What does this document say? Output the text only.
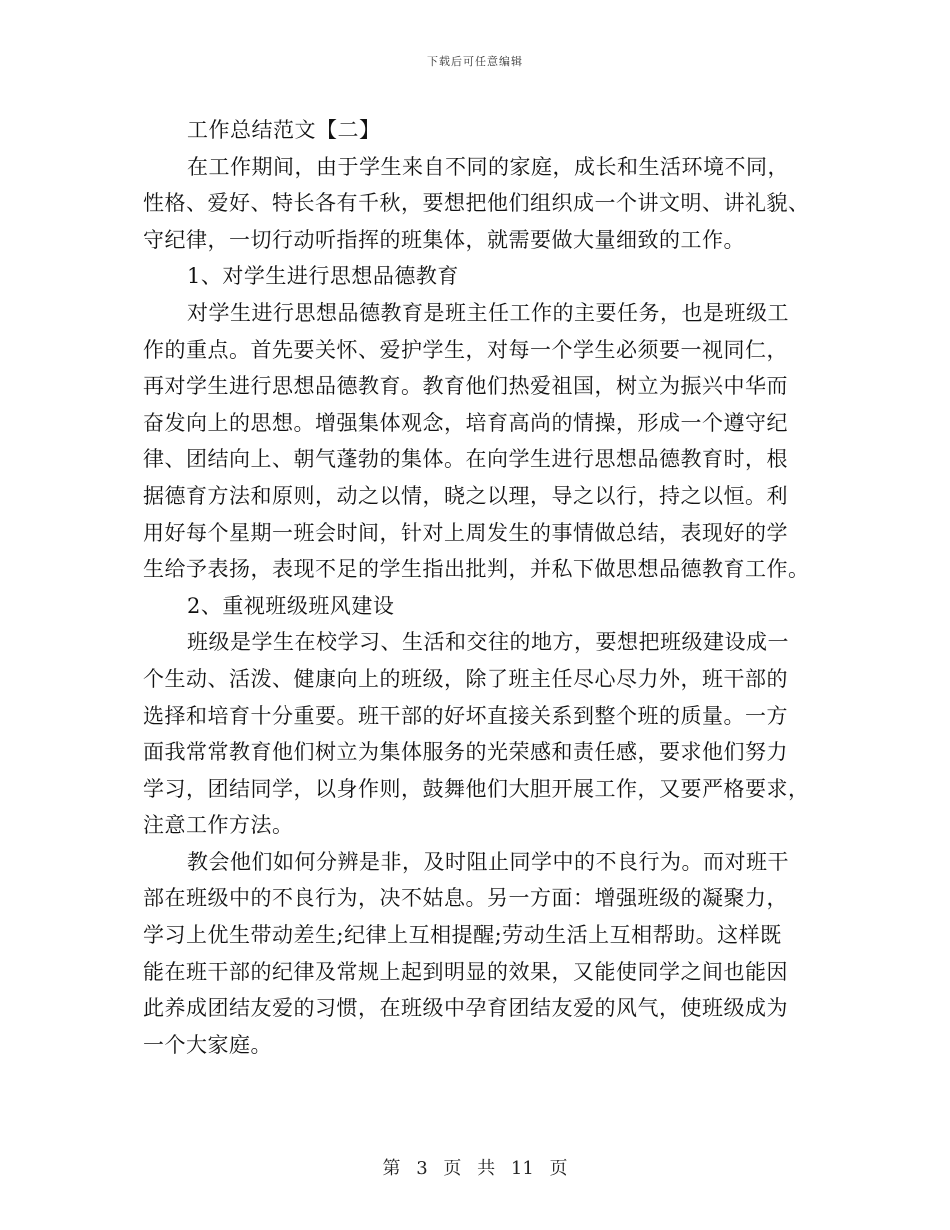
下载后可任意编辑
工作总结范文【二】
在工作期间，由于学生来自不同的家庭，成长和生活环境不同，
性格、爱好、特长各有千秋，要想把他们组织成一个讲文明、讲礼貌、
守纪律，一切行动听指挥的班集体，就需要做大量细致的工作。
1、对学生进行思想品德教育
对学生进行思想品德教育是班主任工作的主要任务，也是班级工
作的重点。首先要关怀、爱护学生，对每一个学生必须要一视同仁，
再对学生进行思想品德教育。教育他们热爱祖国，树立为振兴中华而
奋发向上的思想。增强集体观念，培育高尚的情操，形成一个遵守纪
律、团结向上、朝气蓬勃的集体。在向学生进行思想品德教育时，根
据德育方法和原则，动之以情，晓之以理，导之以行，持之以恒。利
用好每个星期一班会时间，针对上周发生的事情做总结，表现好的学
生给予表扬，表现不足的学生指出批判，并私下做思想品德教育工作。
2、重视班级班风建设
班级是学生在校学习、生活和交往的地方，要想把班级建设成一
个生动、活泼、健康向上的班级，除了班主任尽心尽力外，班干部的
选择和培育十分重要。班干部的好坏直接关系到整个班的质量。一方
面我常常教育他们树立为集体服务的光荣感和责任感，要求他们努力
学习，团结同学，以身作则，鼓舞他们大胆开展工作，又要严格要求，
注意工作方法。
教会他们如何分辨是非，及时阻止同学中的不良行为。而对班干
部在班级中的不良行为，决不姑息。另一方面：增强班级的凝聚力，
学习上优生带动差生;纪律上互相提醒;劳动生活上互相帮助。这样既
能在班干部的纪律及常规上起到明显的效果，又能使同学之间也能因
此养成团结友爱的习惯，在班级中孕育团结友爱的风气，使班级成为
一个大家庭。
第 3 页 共 11 页
